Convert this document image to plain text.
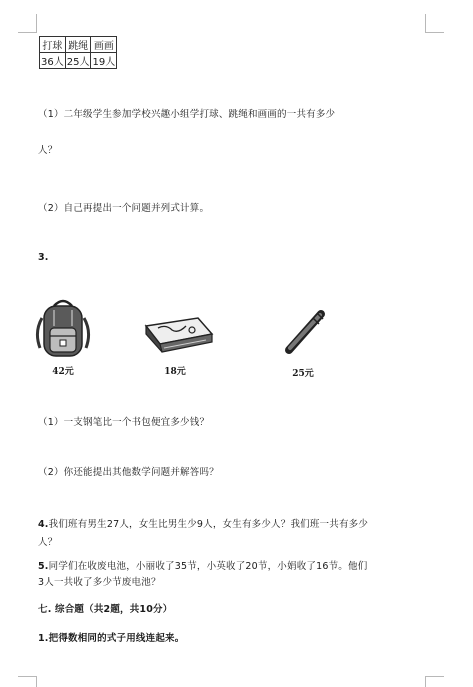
打球	跳绳	画画
36人	25人	19人
（1）二年级学生参加学校兴趣小组学打球、跳绳和画画的一共有多少
人？
（2）自己再提出一个问题并列式计算。
3.
42元	18元	25元
（1）一支钢笔比一个书包便宜多少钱？
（2）你还能提出其他数学问题并解答吗？
4.我们班有男生27人，女生比男生少9人，女生有多少人？我们班一共有多少
人？
5.同学们在收废电池，小丽收了35节，小英收了20节，小娟收了16节。他们
3人一共收了多少节废电池？
七. 综合题（共2题，共10分）
1.把得数相同的式子用线连起来。
